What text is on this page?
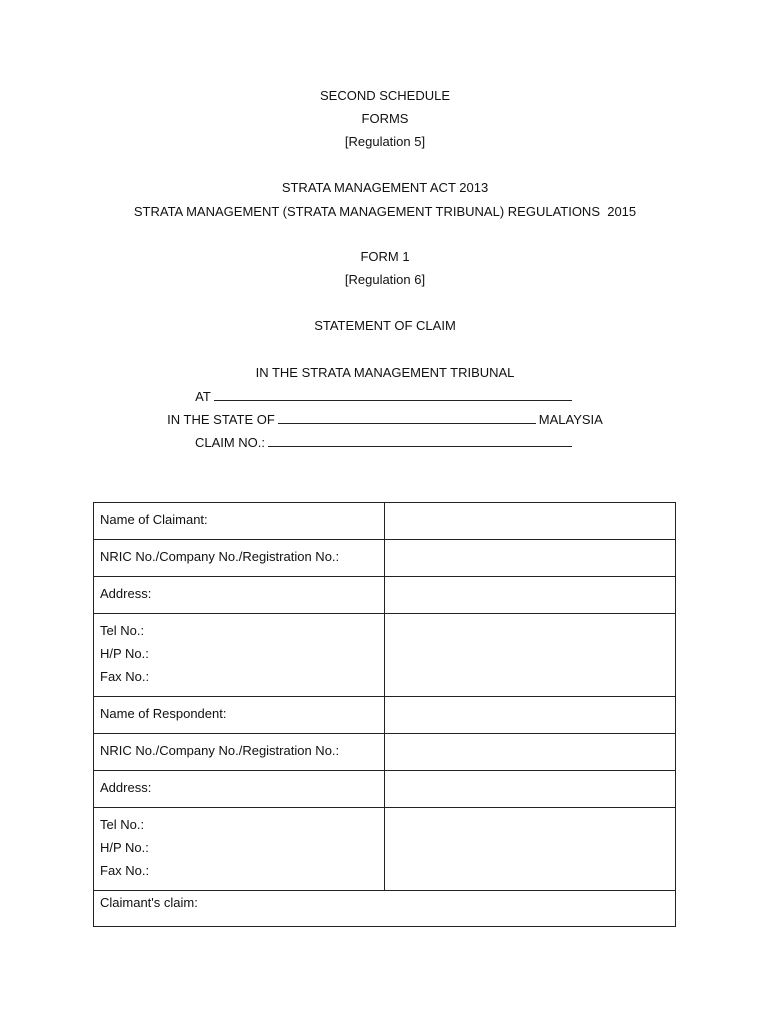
SECOND SCHEDULE
FORMS
[Regulation 5]
STRATA MANAGEMENT ACT 2013
STRATA MANAGEMENT (STRATA MANAGEMENT TRIBUNAL) REGULATIONS  2015
FORM 1
[Regulation 6]
STATEMENT OF CLAIM
IN THE STRATA MANAGEMENT TRIBUNAL
AT
IN THE STATE OF	MALAYSIA
CLAIM NO.:
Name of Claimant:	

NRIC No./Company No./Registration No.:	

Address:	

Tel No.:
H/P No.:
Fax No.:	

Name of Respondent:	

NRIC No./Company No./Registration No.:	

Address:	

Tel No.:
H/P No.:
Fax No.:	

Claimant's claim:	
